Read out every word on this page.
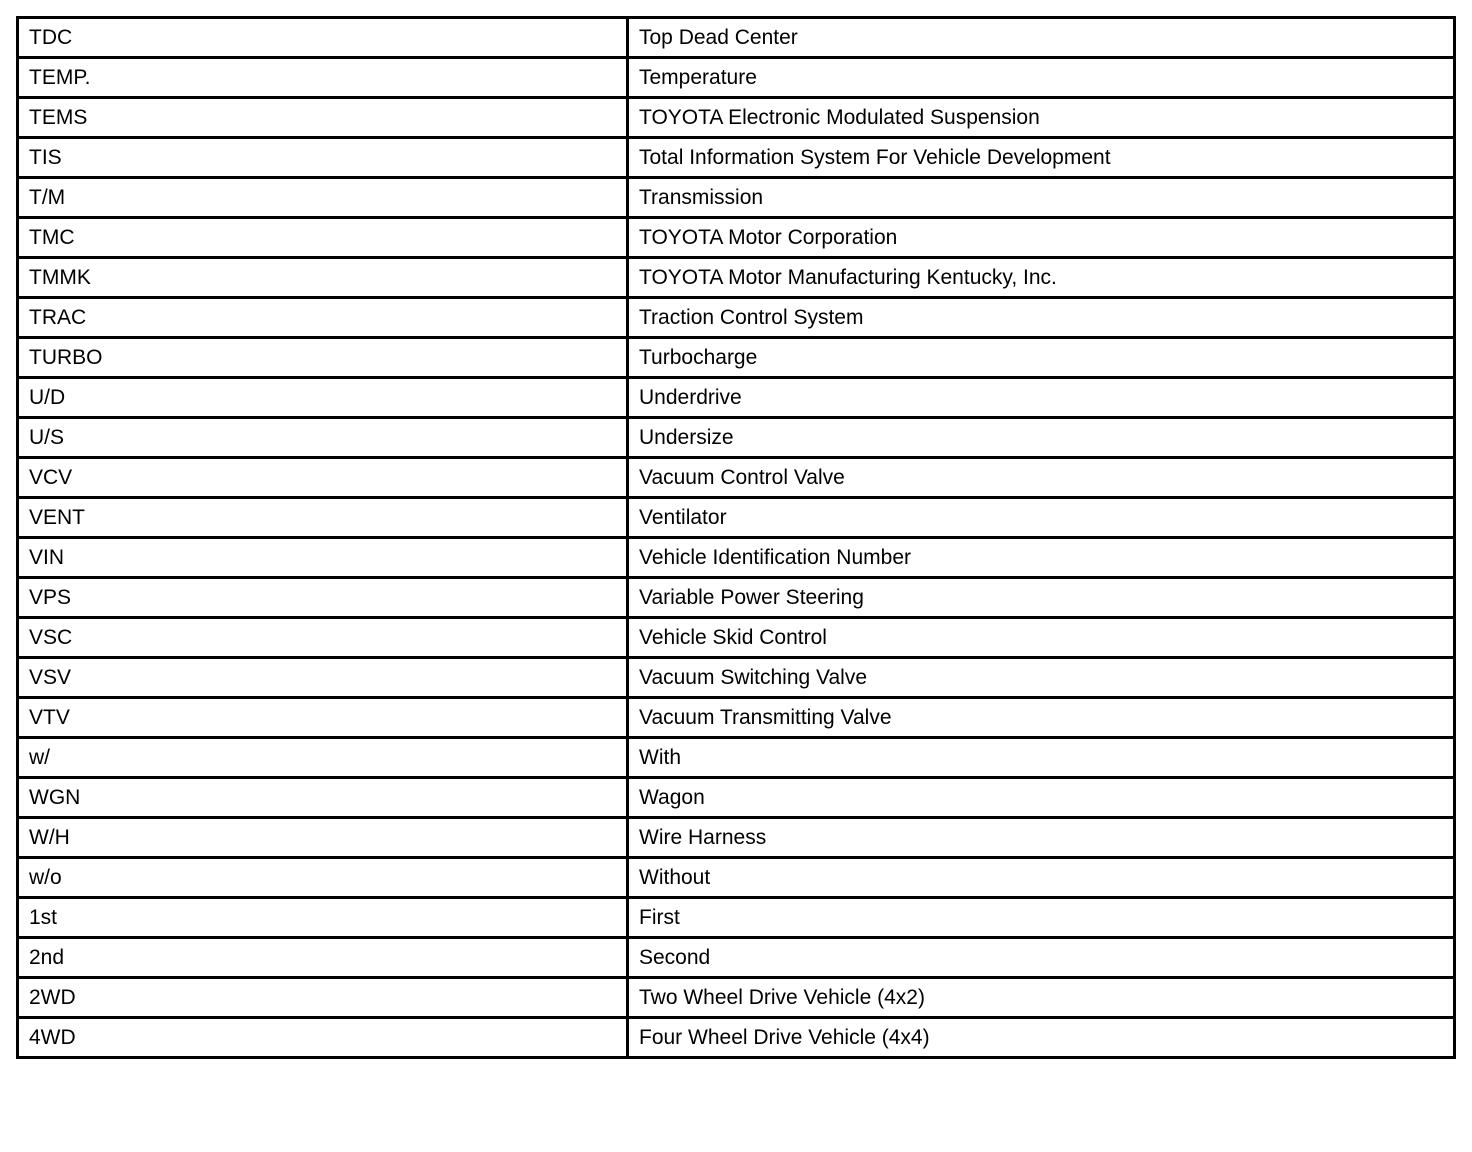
TDC	Top Dead Center
TEMP.	Temperature
TEMS	TOYOTA Electronic Modulated Suspension
TIS	Total Information System For Vehicle Development
T/M	Transmission
TMC	TOYOTA Motor Corporation
TMMK	TOYOTA Motor Manufacturing Kentucky, Inc.
TRAC	Traction Control System
TURBO	Turbocharge
U/D	Underdrive
U/S	Undersize
VCV	Vacuum Control Valve
VENT	Ventilator
VIN	Vehicle Identification Number
VPS	Variable Power Steering
VSC	Vehicle Skid Control
VSV	Vacuum Switching Valve
VTV	Vacuum Transmitting Valve
w/	With
WGN	Wagon
W/H	Wire Harness
w/o	Without
1st	First
2nd	Second
2WD	Two Wheel Drive Vehicle (4x2)
4WD	Four Wheel Drive Vehicle (4x4)
